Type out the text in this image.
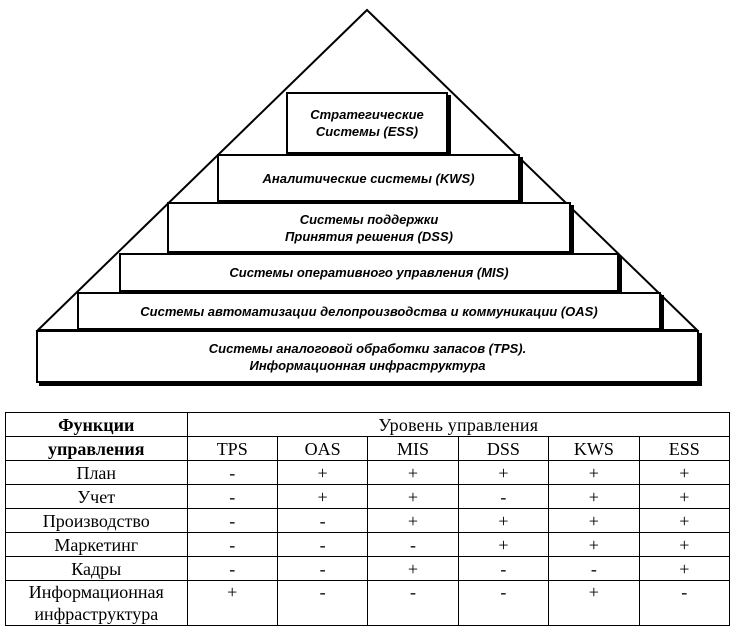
Стратегические
Системы (ESS)
Аналитические системы (KWS)
Системы поддержки
Принятия решения (DSS)
Системы оперативного управления (MIS)
Системы автоматизации делопроизводства и коммуникации (OAS)
Системы аналоговой обработки запасов (TPS).
Информационная инфраструктура
Функции	Уровень управления					
управления	TPS	OAS	MIS	DSS	KWS	ESS

План	-	+	+	+	+	+

Учет	-	+	+	-	+	+

Производство	-	-	+	+	+	+

Маркетинг	-	-	-	+	+	+

Кадры	-	-	+	-	-	+

Информационная
инфраструктура	+	-	-	-	+	-
